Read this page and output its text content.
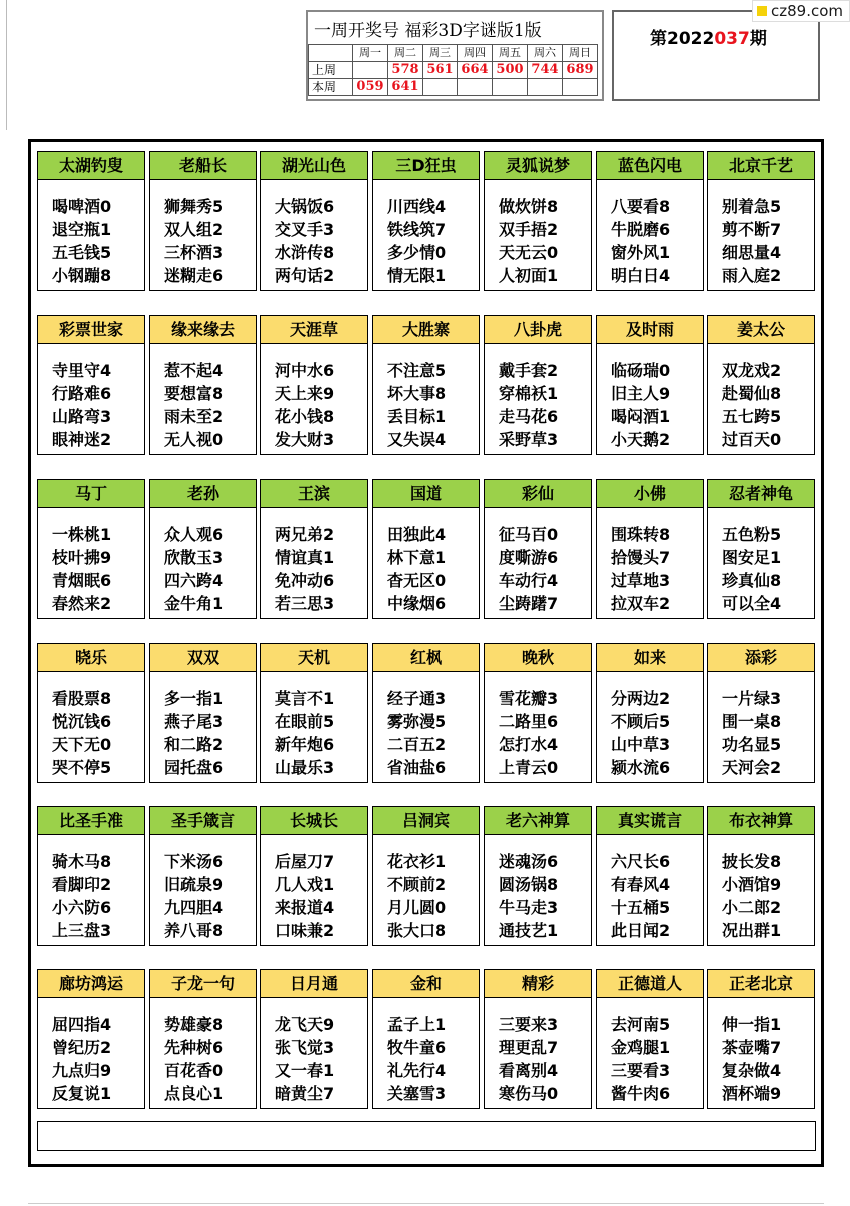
一周开奖号 福彩3D字谜版1版
	周一	周二	周三	周四	周五	周六	周日
上周		578	561	664	500	744	689
本周	059	641					
第2022037期
cz89.com
太湖钓叟
喝啤酒0
退空瓶1
五毛钱5
小钢蹦8
老船长
狮舞秀5
双人组2
三杯酒3
迷糊走6
湖光山色
大锅饭6
交叉手3
水浒传8
两句话2
三D狂虫
川西线4
铁线筑7
多少情0
情无限1
灵狐说梦
做炊饼8
双手捂2
天无云0
人初面1
蓝色闪电
八要看8
牛脱磨6
窗外风1
明白日4
北京千艺
别着急5
剪不断7
细思量4
雨入庭2
彩票世家
寺里守4
行路难6
山路弯3
眼神迷2
缘来缘去
惹不起4
要想富8
雨未至2
无人视0
天涯草
河中水6
天上来9
花小钱8
发大财3
大胜寨
不注意5
坏大事8
丢目标1
又失误4
八卦虎
戴手套2
穿棉袄1
走马花6
采野草3
及时雨
临砀瑞0
旧主人9
喝闷酒1
小天鹅2
姜太公
双龙戏2
赴蜀仙8
五七跨5
过百天0
马丁
一株桃1
枝叶拂9
青烟眠6
春然来2
老孙
众人观6
欣散玉3
四六跨4
金牛角1
王滨
两兄弟2
情谊真1
免冲动6
若三思3
国道
田独此4
林下意1
杳无区0
中缘烟6
彩仙
征马百0
度嘶游6
车动行4
尘踌躇7
小佛
围珠转8
拾馒头7
过草地3
拉双车2
忍者神龟
五色粉5
图安足1
珍真仙8
可以全4
晓乐
看股票8
悦沉钱6
天下无0
哭不停5
双双
多一指1
燕子尾3
和二路2
园托盘6
天机
莫言不1
在眼前5
新年炮6
山最乐3
红枫
经子通3
雾弥漫5
二百五2
省油盐6
晚秋
雪花瓣3
二路里6
怎打水4
上青云0
如来
分两边2
不顾后5
山中草3
颍水流6
添彩
一片绿3
围一桌8
功名显5
天河会2
比圣手准
骑木马8
看脚印2
小六防6
上三盘3
圣手箴言
下米汤6
旧疏泉9
九四胆4
养八哥8
长城长
后屋刀7
几人戏1
来报道4
口味兼2
吕洞宾
花衣衫1
不顾前2
月儿圆0
张大口8
老六神算
迷魂汤6
圆汤锅8
牛马走3
通技艺1
真实谎言
六尺长6
有春风4
十五桶5
此日闻2
布衣神算
披长发8
小酒馆9
小二郎2
况出群1
廊坊鸿运
屈四指4
曾纪历2
九点归9
反复说1
子龙一句
势雄豪8
先种树6
百花香0
点良心1
日月通
龙飞天9
张飞觉3
又一春1
暗黄尘7
金和
孟子上1
牧牛童6
礼先行4
关塞雪3
精彩
三要来3
理更乱7
看离别4
寒伤马0
正德道人
去河南5
金鸡腿1
三要看3
酱牛肉6
正老北京
伸一指1
茶壶嘴7
复杂做4
酒杯端9
